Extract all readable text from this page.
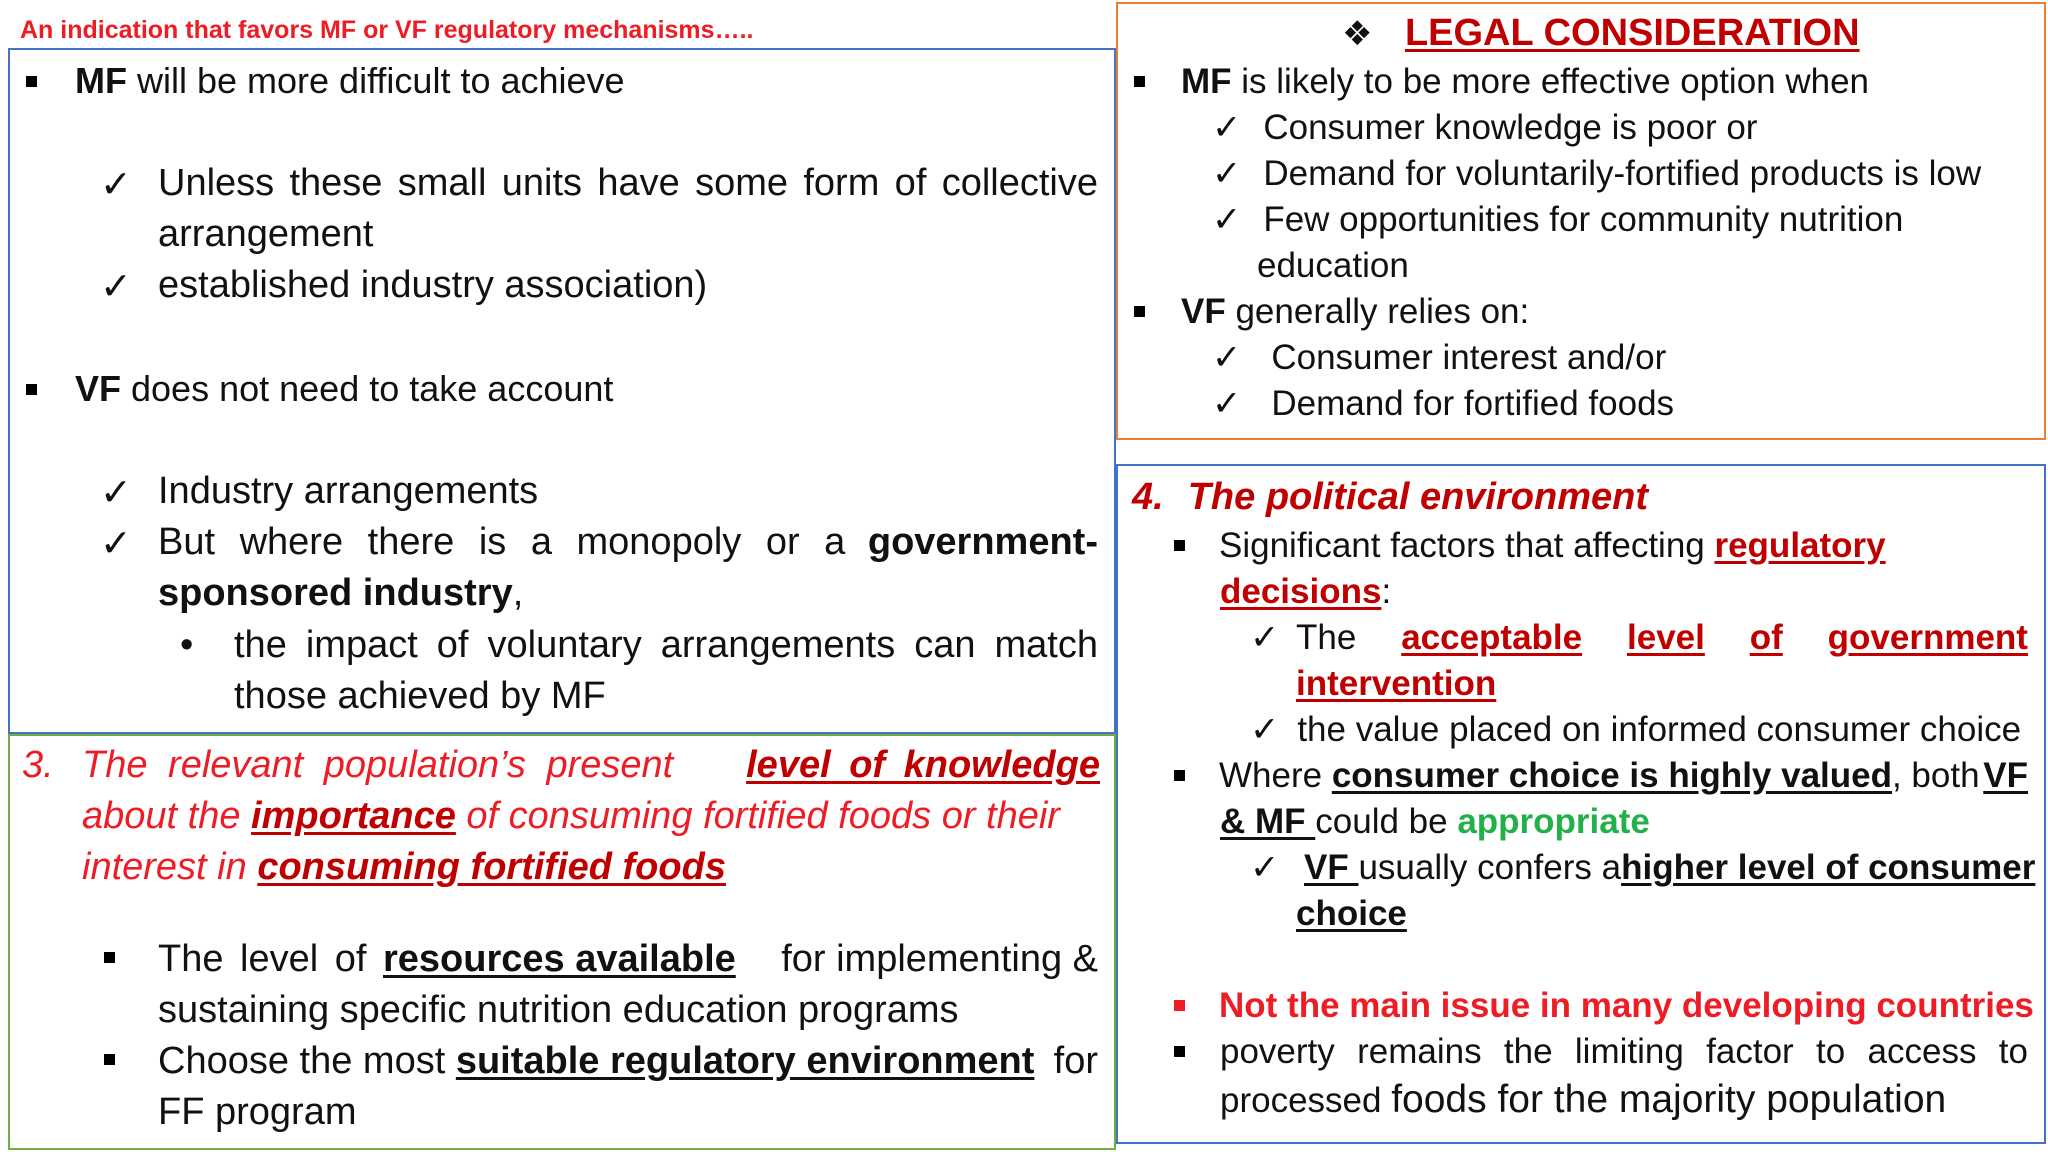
An indication that favors MF or VF regulatory mechanisms…..
MF will be more difficult to achieve
✓ Unless these small units have some form of collective
arrangement
✓ established industry association)
VF does not need to take account
✓ Industry arrangements
✓ But where there is a monopoly or a government-
sponsored industry,
• the impact of voluntary arrangements can match
those achieved by MF
3. The relevant population’s present level of knowledge
about the importance of consuming fortified foods or their
interest in consuming fortified foods
The level of resources available for implementing &
sustaining specific nutrition education programs
Choose the most suitable regulatory environment for
FF program
❖ LEGAL CONSIDERATION
MF is likely to be more effective option when
✓ Consumer knowledge is poor or
✓ Demand for voluntarily-fortified products is low
✓ Few opportunities for community nutrition
education
VF generally relies on:
✓ Consumer interest and/or
✓ Demand for fortified foods
4. The political environment
Significant factors that affecting regulatory
decisions:
✓ The acceptable level of government
intervention
✓ the value placed on informed consumer choice
Where consumer choice is highly valued, both VF
& MF could be appropriate
✓ VF usually confers a higher level of consumer
choice
Not the main issue in many developing countries
poverty remains the limiting factor to access to
processed foods for the majority population
